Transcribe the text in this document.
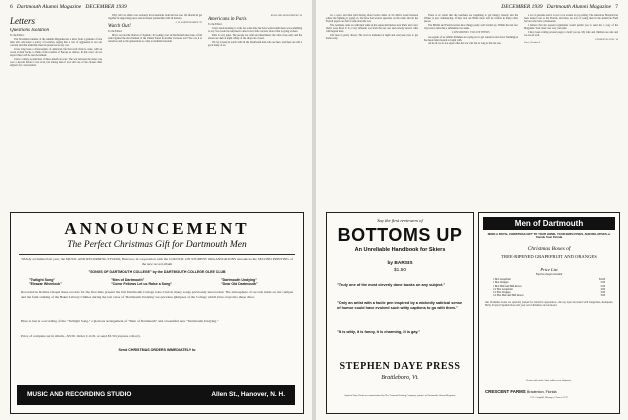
6 Dartmouth Alumni Magazine DECEMBER 1939
Letters
Questions Isolation

To the Editor:

The November number of the Alumni Magazine has a letter from a graduate of late June who advocates a policy of isolation, urging that a war of aggression is not our concern and that neutrality must be preserved at any cost.

It has long been a characteristic of American life that such visitors come, with an ocean at their backs, to think of the troubles of Europe as remote. In this case I do not expect there will be one movement.

I have a misty recollection of three American wars. The war between the states was over a decade before I was born, but among men it was still one of the chosen chief subjects for conversation.

Why can't we differ over seriously in its mentions from the last one. We should all get together in supporting peace and an honest partnership with all nations.

A. W. BARTHOLOMEW '97
Watch Out!

To the Editor:

May I second the motion of 'Sparkie.' In looking over all Dartmouth men take a firm stand against the involvement of the United States in another overseas war? We owe it to ourselves and to the generations to come to maintain freedom.

ROWLAND MARSH MYERS '38
Americans in Paris

To the Editor:

I have been meaning to write for some time but have waited until there was something to say. You would be surprised to know how little we hear about what is going on here.

Paris is very quiet. The people are calm and determined, the cafes close early and the streets are dark at night. Many of the shops are closed.

We try to keep in touch with all the Dartmouth men who are here, and there are still a good many of us.

ANNOUNCEMENT
The Perfect Christmas Gift for Dartmouth Men
Widely acclaimed last year, the MUSIC AND RECORDING STUDIO, Hanover, in cooperation with the COUNCIL ON STUDENT ORGANIZATIONS announces the SECOND PRINTING of the new record album
"SONGS OF DARTMOUTH COLLEGE" by the DARTMOUTH COLLEGE GLEE CLUB
"Twilight Song"
"Eleazar Wheelock"
"Men of Dartmouth"
"Come Fellows Let us Raise a Song"
"Dartmouth Undying"
"Dear Old Dartmouth"
Recorded in Rollins Chapel these records for the first time present the full Dartmouth College Glee Club in many songs previously unrecorded. The atmosphere of records made on the campus and the faint striking of the Baker Library Chimes during the last verse of 'Dartmouth Undying' are priceless glimpses of the College which have crept into these discs.
Here at last is a recording of the "Twilight Song," a glorious arrangement of "Men of Dartmouth" and a beautiful new "Dartmouth Undying."
Price of complete set in album—$3.50. Order C.O.D. or send $3.50 (express collect).
Send CHRISTMAS ORDERS IMMEDIATELY to
MUSIC AND RECORDING STUDIO	Allen St., Hanover, N. H.
DECEMBER 1939 Dartmouth Alumni Magazine 7

for a wave and then split having about twelve miles of No Man's Land between where the fighting is going on. We have had several speeches on the radio and all the French papers are full of talk about the war.

The Germans came on with their tanks in the square kilometers near Paris and a few shells were fired. It is a very different war from the last one and nobody knows what will happen next.

Life here is pretty dreary. The town is darkened at night and everyone tries to get home early.

There is no doubt that the Germans are beginning to get hungry already and the Winter is just commencing. If they lick out Hitler there will be trouble in many other places.

The British and French navies have things pretty well bottled up. Within the last few days news came that a submarine was sunk.

CONSIDERS VOLUNTEERS

As regards of us exhibit Irishmen are trying not to get ourselves involved. Washington has been rather heated to begin with.

All in all we do not expect that the war will last as long as the last one.

a lot of gasoline and it is not to be wasted on joy-riding. The American Hospital has been turned over to the French, and there are lots of young men in the American Field Service who have volunteered.

I believe that the present regulations would permit you to send me a copy of the Magazine. Your letter was very welcome.

I have been writing several pages to hold you up. My wife and children are safe and we are all well.

CHARLES B. HALL '18
Paris, October 6
Say the first reviewers of
BOTTOMS UP
An Unreliable Handbook for Skiers
by BARSIS
$1.50
"Truly one of the most cleverly done books on any subject."
"Only an artist with a facile pen inspired by a wickedly satirical sense of humor could have evolved such witty captions to go with them."
"It is witty, it is funny, it is charming, it is gay."
STEPHEN DAYE PRESS
Brattleboro, Vt.
Stephen Daye Books are manufactured by The Vermont Printing Company, printers of Dartmouth Alumni Magazine
Men of Dartmouth
SEND A ROYAL CHRISTMAS GIFT TO YOUR HOME, YOUR EMPLOYEES, AND RELATIVES or friends from Florida
Christmas Boxes of
TREE-RIPENED GRAPEFRUIT AND ORANGES
Price List
Express charges included
1 Box Grapefruit	$5.00
1 Box Oranges	5.00
1 Box Half and Half Above	5.00
1/2 Box Grapefruit	3.00
1/2 Box Oranges	3.00
1/2 Box Half and Half Above	3.00
Our Christmas boxes are specially packed for attractive appearance—the top layer decorated with Tangerines, Kumquats, Holly, Tropical Spanish moss and your own Christmas card enclosed.
Remit with order. State address for shipment.
CRESCENT FARMS Bradenton, Florida
F. H. Craighill, Manager, Class of 1917
